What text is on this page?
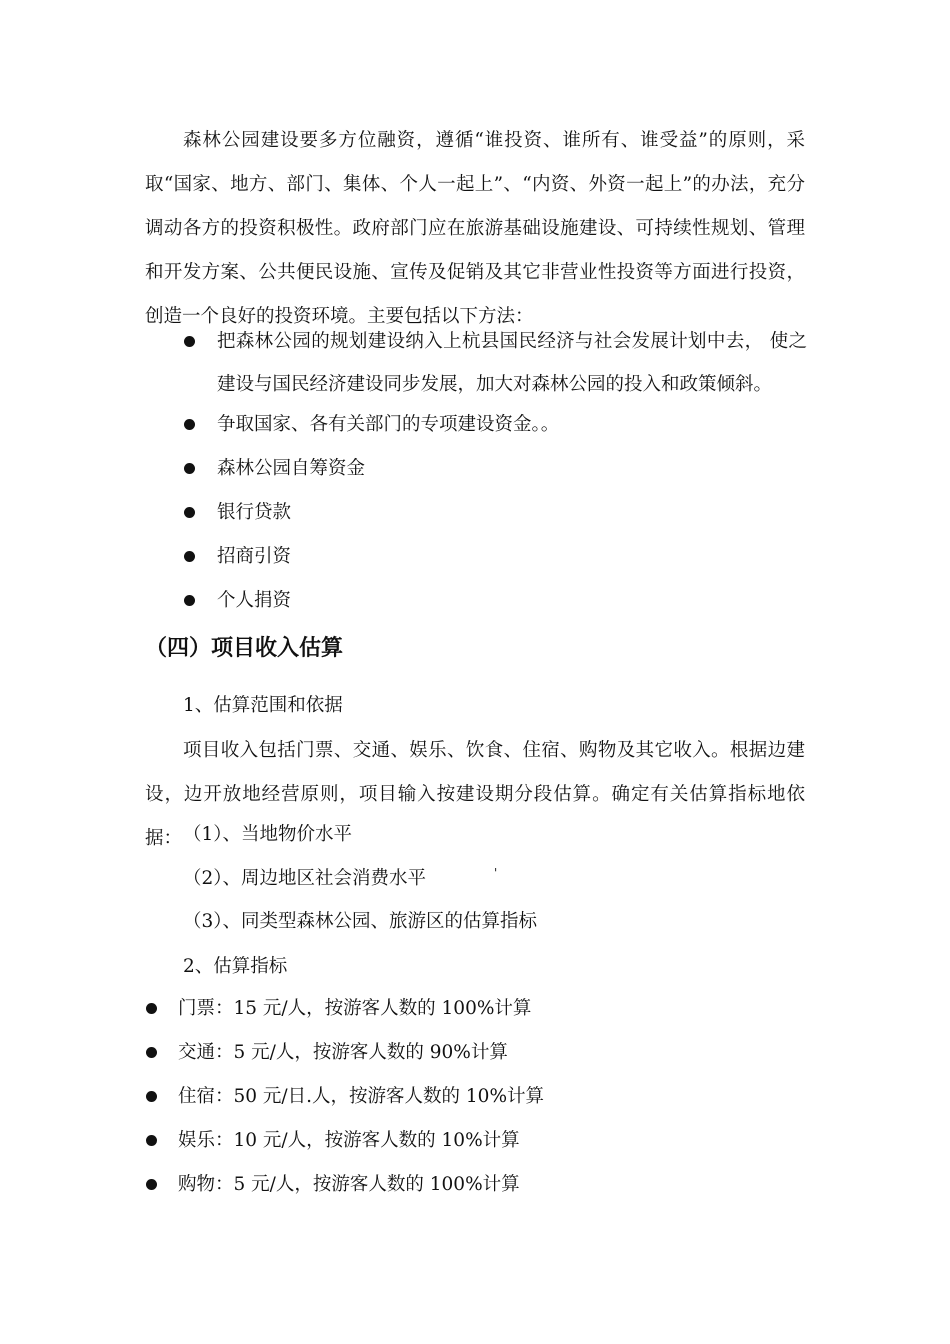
森林公园建设要多方位融资，遵循“谁投资、谁所有、谁受益”的原则，采取“国家、地方、部门、集体、个人一起上”、“内资、外资一起上”的办法，充分调动各方的投资积极性。政府部门应在旅游基础设施建设、可持续性规划、管理和开发方案、公共便民设施、宣传及促销及其它非营业性投资等方面进行投资，创造一个良好的投资环境。主要包括以下方法：

把森林公园的规划建设纳入上杭县国民经济与社会发展计划中去， 使之建设与国民经济建设同步发展，加大对森林公园的投入和政策倾斜。

争取国家、各有关部门的专项建设资金。。

森林公园自筹资金

银行贷款

招商引资

个人捐资

（四）项目收入估算

1、估算范围和依据

项目收入包括门票、交通、娱乐、饮食、住宿、购物及其它收入。根据边建设，边开放地经营原则，项目输入按建设期分段估算。确定有关估算指标地依据： （1）、当地物价水平

（2）、周边地区社会消费水平

（3）、同类型森林公园、旅游区的估算指标

'

2、估算指标

门票：15 元/人，按游客人数的 100%计算

交通：5 元/人，按游客人数的 90%计算

住宿：50 元/日.人，按游客人数的 10%计算

娱乐：10 元/人，按游客人数的 10%计算

购物：5 元/人，按游客人数的 100%计算
